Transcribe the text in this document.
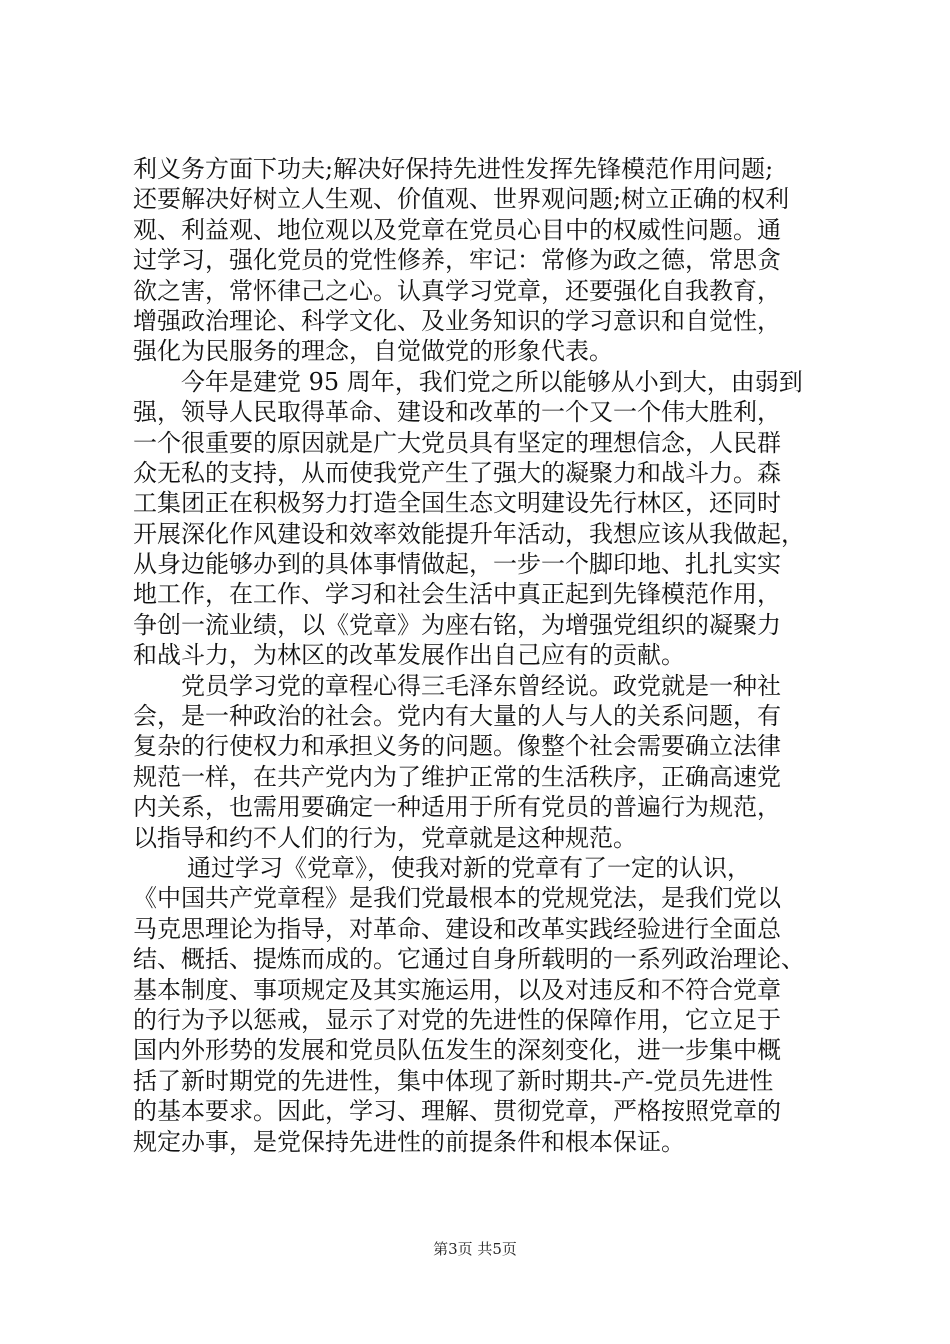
利义务方面下功夫;解决好保持先进性发挥先锋模范作用问题;
还要解决好树立人生观、价值观、世界观问题;树立正确的权利
观、利益观、地位观以及党章在党员心目中的权威性问题。通
过学习，强化党员的党性修养，牢记：常修为政之德，常思贪
欲之害，常怀律己之心。认真学习党章，还要强化自我教育，
增强政治理论、科学文化、及业务知识的学习意识和自觉性，
强化为民服务的理念，自觉做党的形象代表。
今年是建党 95 周年，我们党之所以能够从小到大，由弱到
强，领导人民取得革命、建设和改革的一个又一个伟大胜利，
一个很重要的原因就是广大党员具有坚定的理想信念，人民群
众无私的支持，从而使我党产生了强大的凝聚力和战斗力。森
工集团正在积极努力打造全国生态文明建设先行林区，还同时
开展深化作风建设和效率效能提升年活动，我想应该从我做起，
从身边能够办到的具体事情做起，一步一个脚印地、扎扎实实
地工作，在工作、学习和社会生活中真正起到先锋模范作用，
争创一流业绩，以《党章》为座右铭，为增强党组织的凝聚力
和战斗力，为林区的改革发展作出自己应有的贡献。
党员学习党的章程心得三毛泽东曾经说。政党就是一种社
会，是一种政治的社会。党内有大量的人与人的关系问题，有
复杂的行使权力和承担义务的问题。像整个社会需要确立法律
规范一样，在共产党内为了维护正常的生活秩序，正确高速党
内关系，也需用要确定一种适用于所有党员的普遍行为规范，
以指导和约不人们的行为，党章就是这种规范。
通过学习《党章》，使我对新的党章有了一定的认识，
《中国共产党章程》是我们党最根本的党规党法，是我们党以
马克思理论为指导，对革命、建设和改革实践经验进行全面总
结、概括、提炼而成的。它通过自身所载明的一系列政治理论、
基本制度、事项规定及其实施运用，以及对违反和不符合党章
的行为予以惩戒，显示了对党的先进性的保障作用，它立足于
国内外形势的发展和党员队伍发生的深刻变化，进一步集中概
括了新时期党的先进性，集中体现了新时期共-产-党员先进性
的基本要求。因此，学习、理解、贯彻党章，严格按照党章的
规定办事，是党保持先进性的前提条件和根本保证。
第3页 共5页
